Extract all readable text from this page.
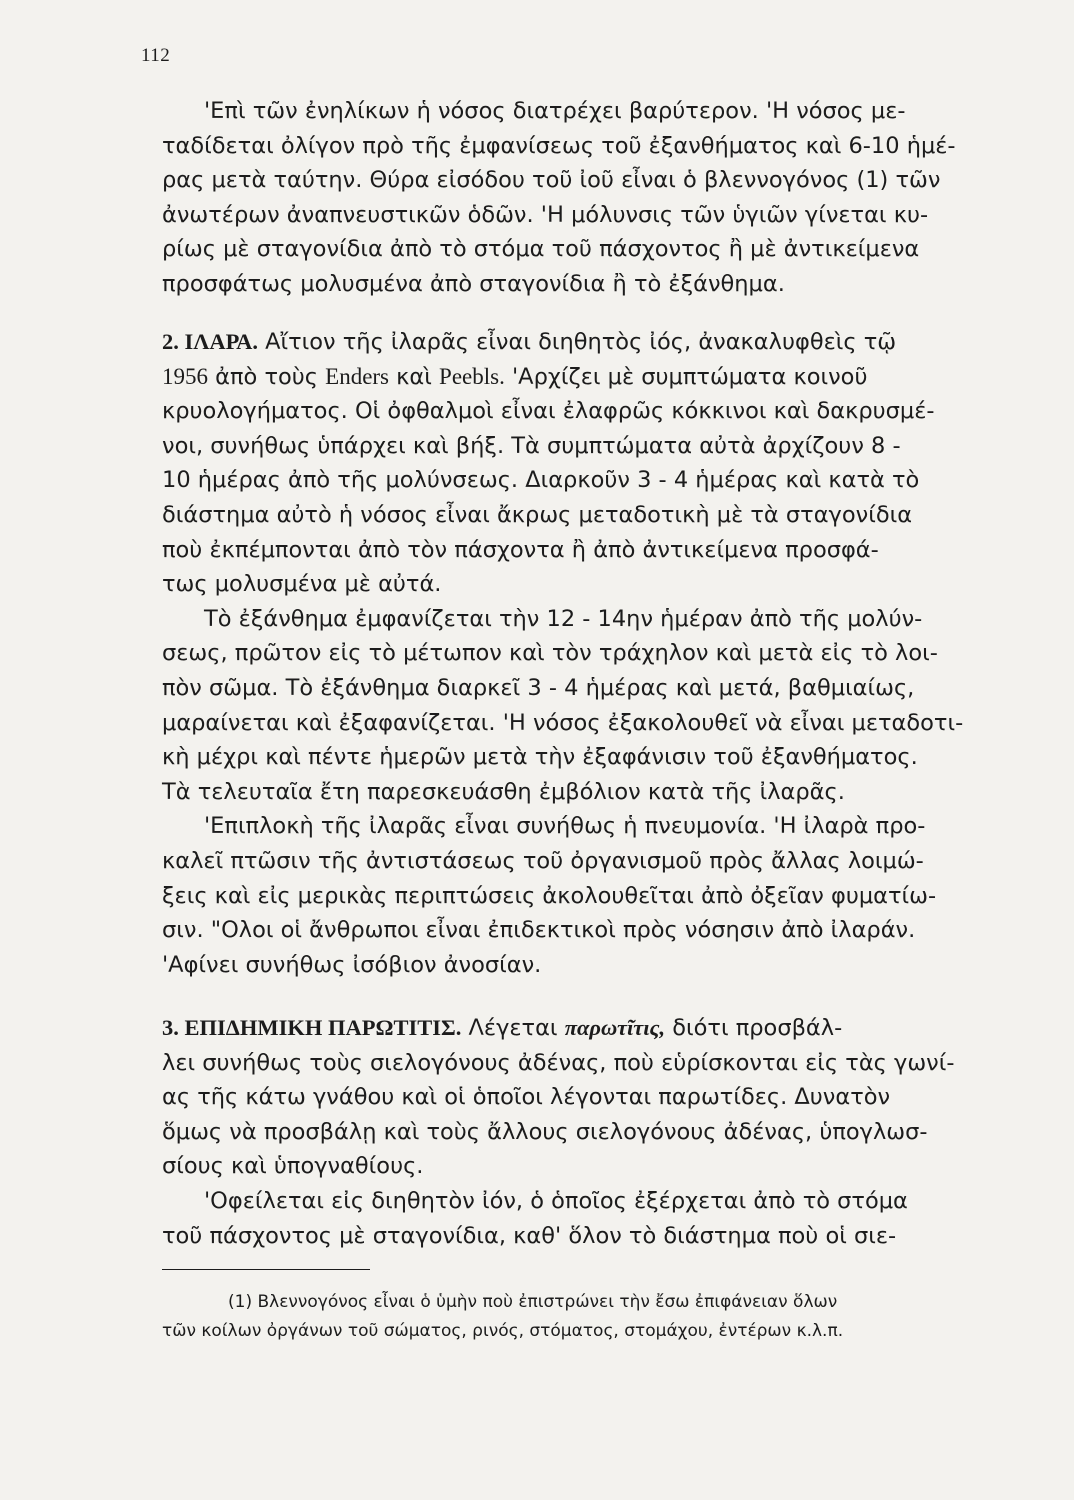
112
'Επὶ τῶν ἐνηλίκων ἡ νόσος διατρέχει βαρύτερον. 'Η νόσος με-
ταδίδεται ὀλίγον πρὸ τῆς ἐμφανίσεως τοῦ ἐξανθήματος καὶ 6-10 ἡμέ-
ρας μετὰ ταύτην. Θύρα εἰσόδου τοῦ ἰοῦ εἶναι ὁ βλεννογόνος (1) τῶν
ἀνωτέρων ἀναπνευστικῶν ὁδῶν. 'Η μόλυνσις τῶν ὑγιῶν γίνεται κυ-
ρίως μὲ σταγονίδια ἀπὸ τὸ στόμα τοῦ πάσχοντος ἢ μὲ ἀντικείμενα
προσφάτως μολυσμένα ἀπὸ σταγονίδια ἢ τὸ ἐξάνθημα.
2. ΙΛΑΡΑ. Αἴτιον τῆς ἰλαρᾶς εἶναι διηθητὸς ἰός, ἀνακαλυφθεὶς τῷ
1956 ἀπὸ τοὺς Enders καὶ Peebls. 'Αρχίζει μὲ συμπτώματα κοινοῦ
κρυολογήματος. Οἱ ὀφθαλμοὶ εἶναι ἐλαφρῶς κόκκινοι καὶ δακρυσμέ-
νοι, συνήθως ὑπάρχει καὶ βήξ. Τὰ συμπτώματα αὐτὰ ἀρχίζουν 8 -
10 ἡμέρας ἀπὸ τῆς μολύνσεως. Διαρκοῦν 3 - 4 ἡμέρας καὶ κατὰ τὸ
διάστημα αὐτὸ ἡ νόσος εἶναι ἄκρως μεταδοτικὴ μὲ τὰ σταγονίδια
ποὺ ἐκπέμπονται ἀπὸ τὸν πάσχοντα ἢ ἀπὸ ἀντικείμενα προσφά-
τως μολυσμένα μὲ αὐτά.
Τὸ ἐξάνθημα ἐμφανίζεται τὴν 12 - 14ην ἡμέραν ἀπὸ τῆς μολύν-
σεως, πρῶτον εἰς τὸ μέτωπον καὶ τὸν τράχηλον καὶ μετὰ εἰς τὸ λοι-
πὸν σῶμα. Τὸ ἐξάνθημα διαρκεῖ 3 - 4 ἡμέρας καὶ μετά, βαθμιαίως,
μαραίνεται καὶ ἐξαφανίζεται. 'Η νόσος ἐξακολουθεῖ νὰ εἶναι μεταδοτι-
κὴ μέχρι καὶ πέντε ἡμερῶν μετὰ τὴν ἐξαφάνισιν τοῦ ἐξανθήματος.
Τὰ τελευταῖα ἔτη παρεσκευάσθη ἐμβόλιον κατὰ τῆς ἰλαρᾶς.
'Επιπλοκὴ τῆς ἰλαρᾶς εἶναι συνήθως ἡ πνευμονία. 'Η ἰλαρὰ προ-
καλεῖ πτῶσιν τῆς ἀντιστάσεως τοῦ ὀργανισμοῦ πρὸς ἄλλας λοιμώ-
ξεις καὶ εἰς μερικὰς περιπτώσεις ἀκολουθεῖται ἀπὸ ὀξεῖαν φυματίω-
σιν. "Ολοι οἱ ἄνθρωποι εἶναι ἐπιδεκτικοὶ πρὸς νόσησιν ἀπὸ ἰλαράν.
'Αφίνει συνήθως ἰσόβιον ἀνοσίαν.
3. ΕΠΙΔΗΜΙΚΗ ΠΑΡΩΤΙΤΙΣ. Λέγεται παρωτῖτις, διότι προσβάλ-
λει συνήθως τοὺς σιελογόνους ἀδένας, ποὺ εὑρίσκονται εἰς τὰς γωνί-
ας τῆς κάτω γνάθου καὶ οἱ ὁποῖοι λέγονται παρωτίδες. Δυνατὸν
ὅμως νὰ προσβάλῃ καὶ τοὺς ἄλλους σιελογόνους ἀδένας, ὑπογλωσ-
σίους καὶ ὑπογναθίους.
'Οφείλεται εἰς διηθητὸν ἰόν, ὁ ὁποῖος ἐξέρχεται ἀπὸ τὸ στόμα
τοῦ πάσχοντος μὲ σταγονίδια, καθ' ὅλον τὸ διάστημα ποὺ οἱ σιε-
(1) Βλεννογόνος εἶναι ὁ ὑμὴν ποὺ ἐπιστρώνει τὴν ἔσω ἐπιφάνειαν ὅλων
τῶν κοίλων ὀργάνων τοῦ σώματος, ρινός, στόματος, στομάχου, ἐντέρων κ.λ.π.
